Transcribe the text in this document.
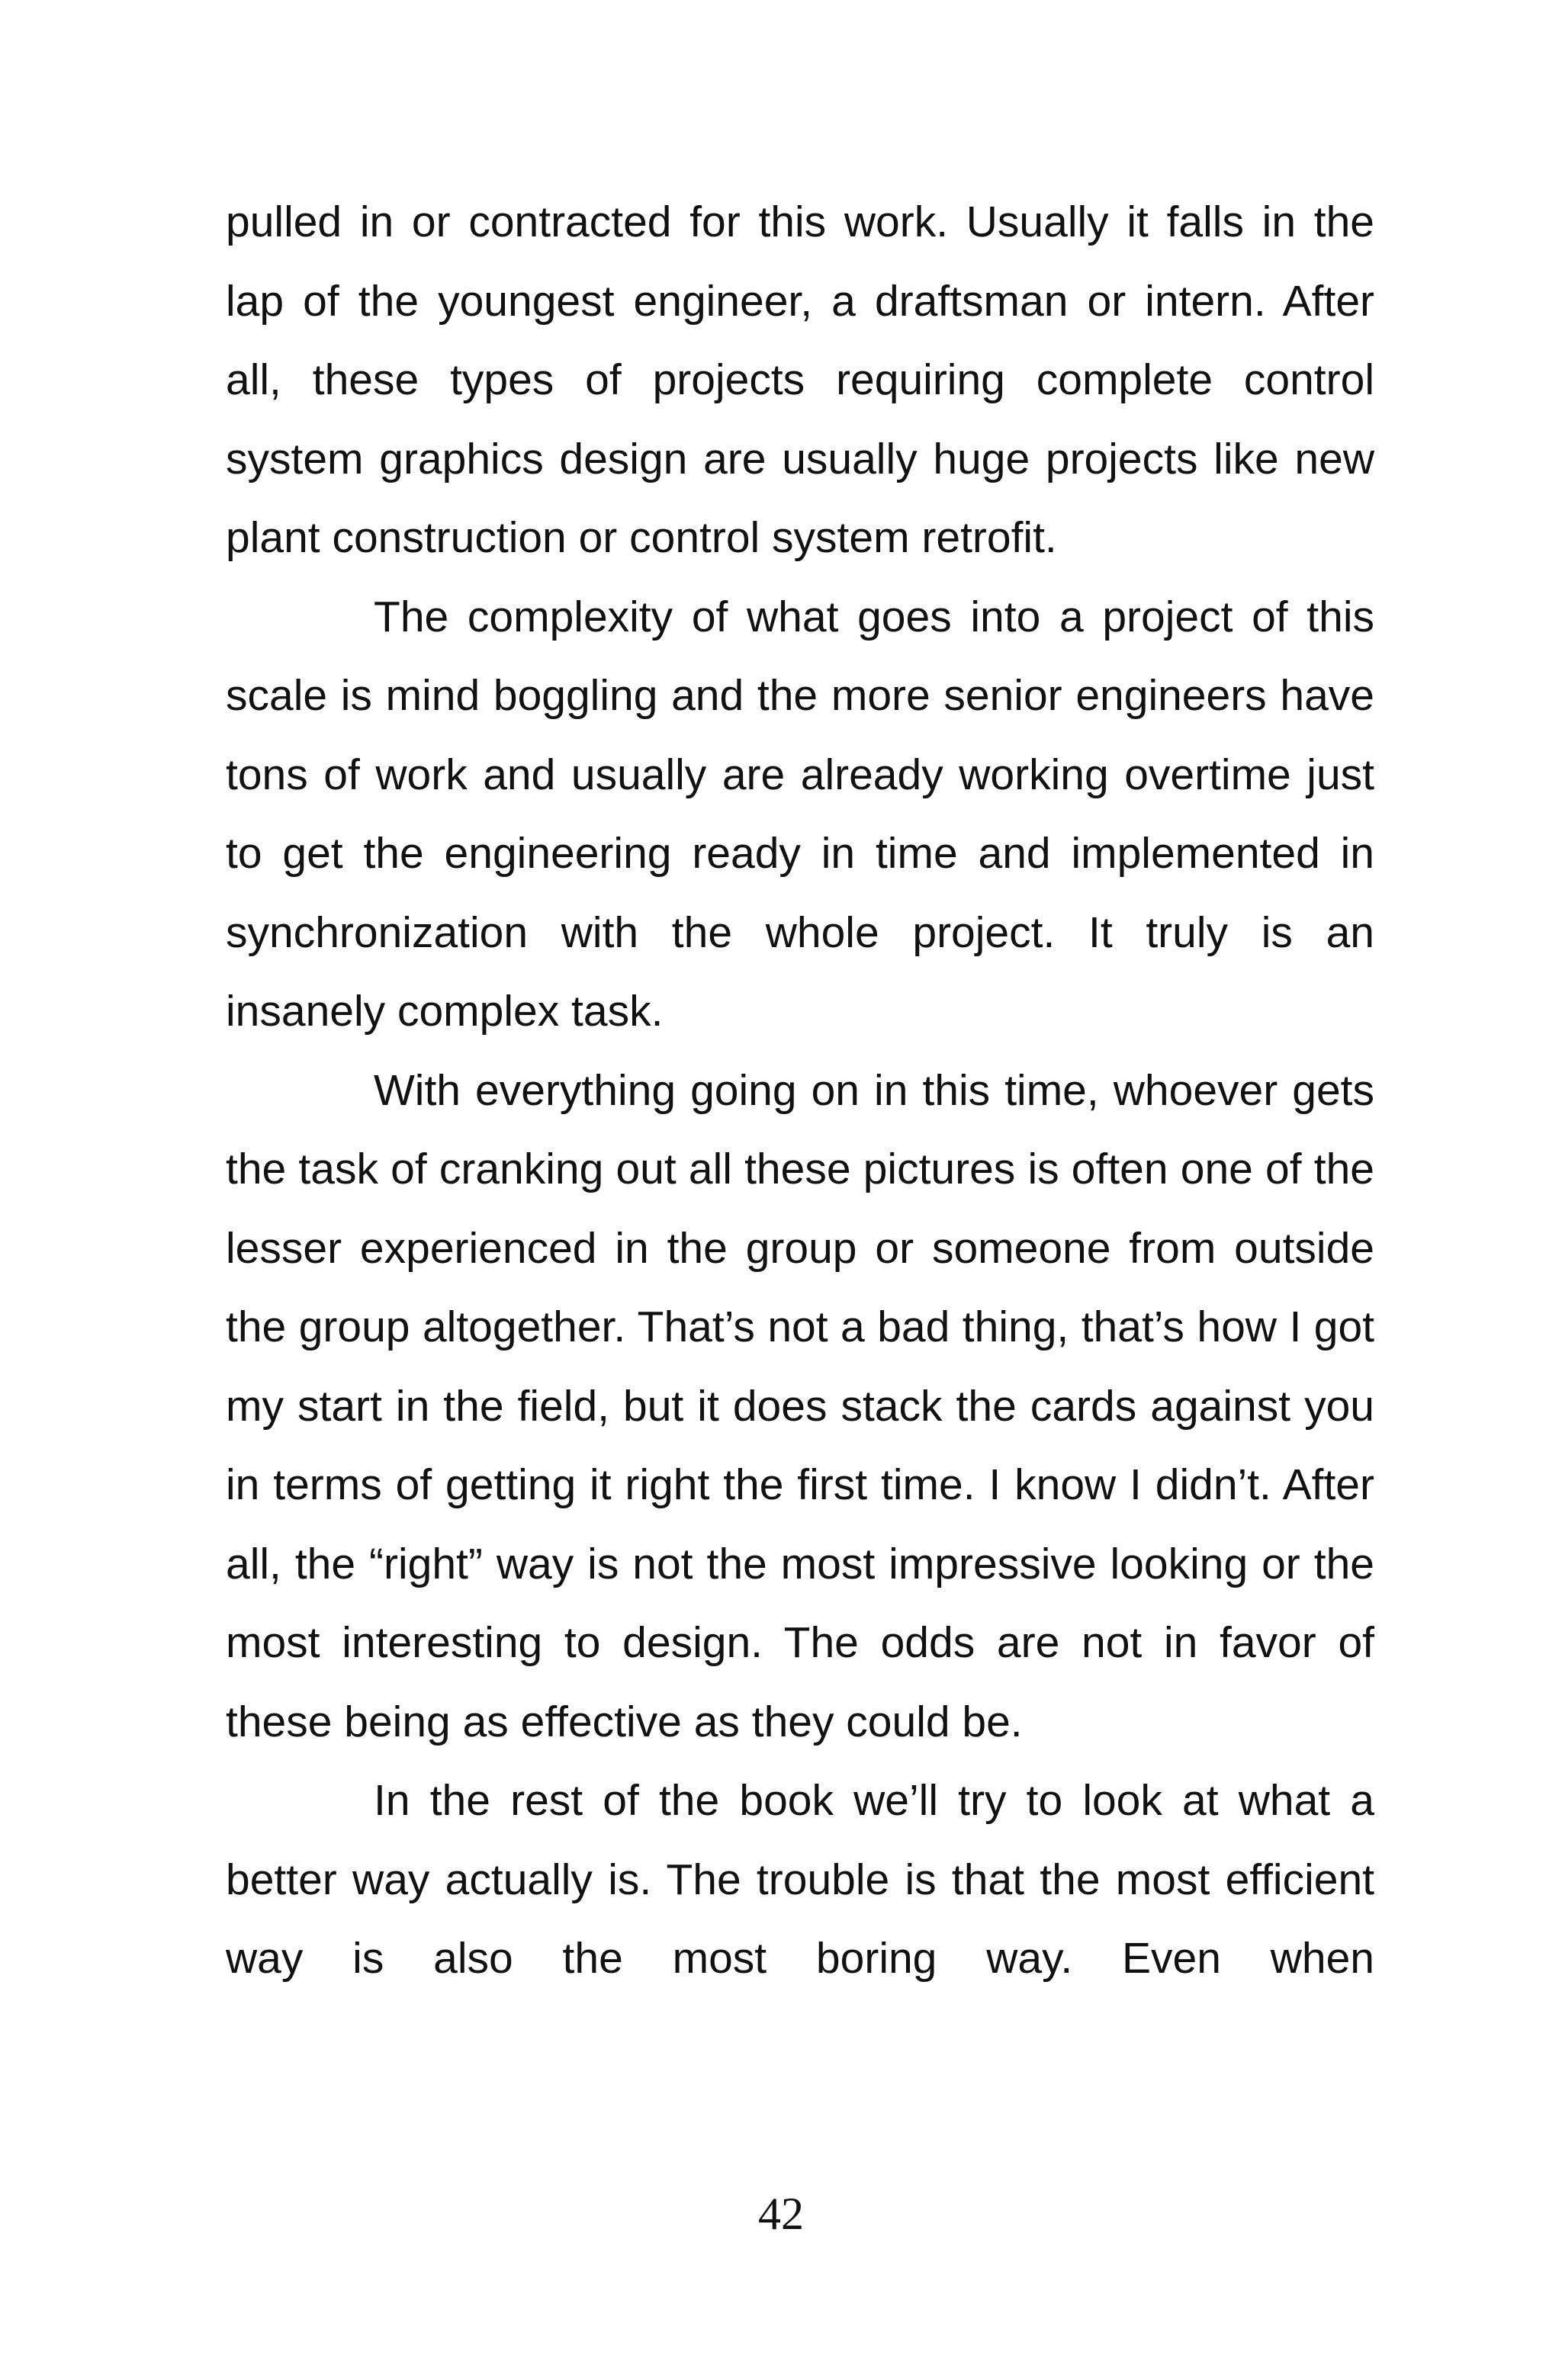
pulled in or contracted for this work. Usually it falls in the lap of the youngest engineer, a draftsman or intern. After all, these types of projects requiring complete control system graphics design are usually huge projects like new plant construction or control system retrofit.

The complexity of what goes into a project of this scale is mind boggling and the more senior engineers have tons of work and usually are already working overtime just to get the engineering ready in time and implemented in synchronization with the whole project. It truly is an insanely complex task.

With everything going on in this time, whoever gets the task of cranking out all these pictures is often one of the lesser experienced in the group or someone from outside the group altogether. That’s not a bad thing, that’s how I got my start in the field, but it does stack the cards against you in terms of getting it right the first time. I know I didn’t. After all, the “right” way is not the most impressive looking or the most interesting to design. The odds are not in favor of these being as effective as they could be.

In the rest of the book we’ll try to look at what a better way actually is. The trouble is that the most efficient way is also the most boring way. Even when

42
